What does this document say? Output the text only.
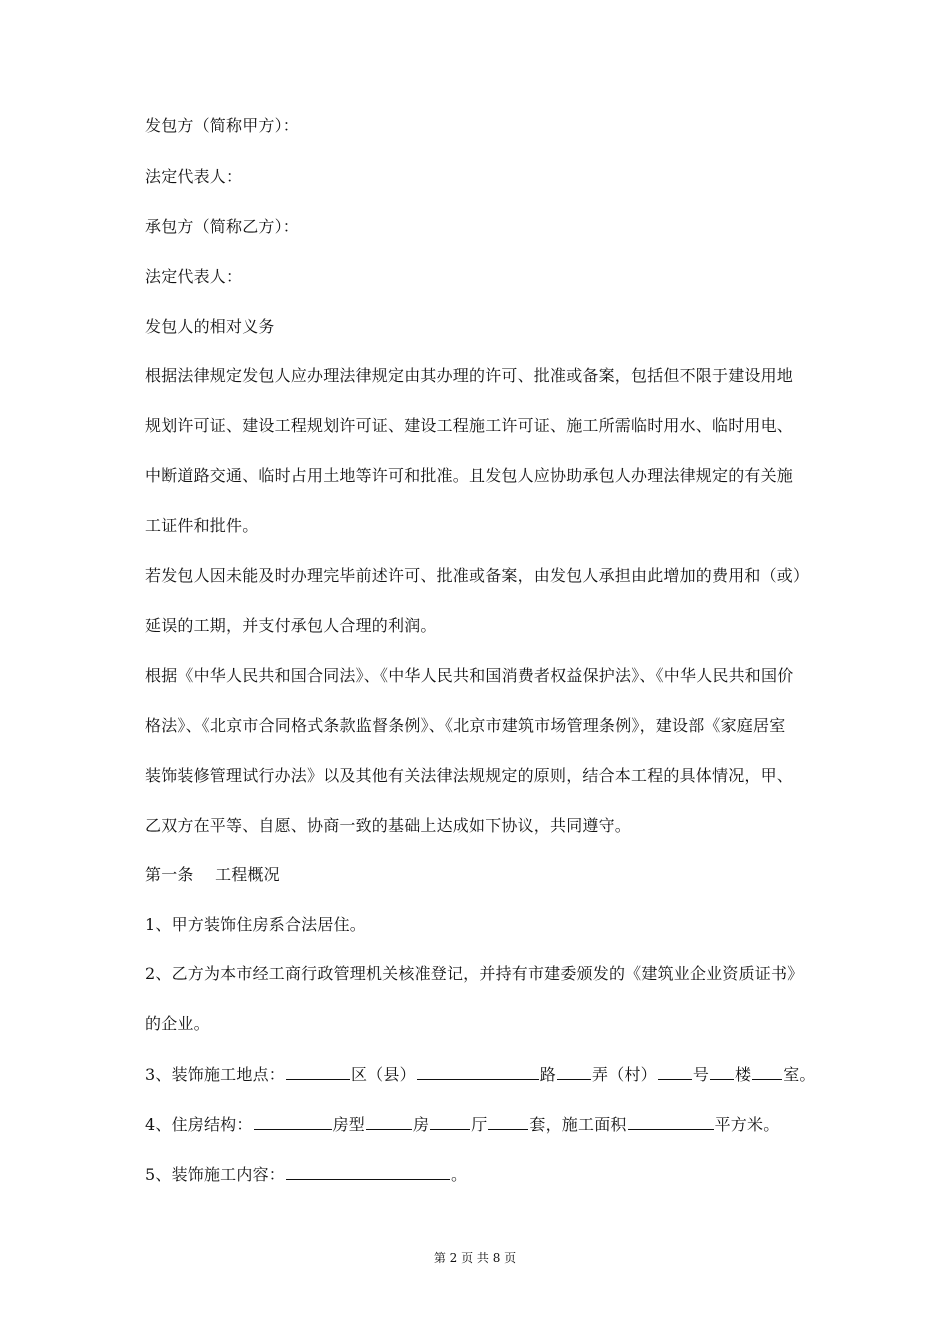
发包方（简称甲方）：
法定代表人：
承包方（简称乙方）：
法定代表人：
发包人的相对义务
根据法律规定发包人应办理法律规定由其办理的许可、批准或备案，包括但不限于建设用地
规划许可证、建设工程规划许可证、建设工程施工许可证、施工所需临时用水、临时用电、
中断道路交通、临时占用土地等许可和批准。且发包人应协助承包人办理法律规定的有关施
工证件和批件。
若发包人因未能及时办理完毕前述许可、批准或备案，由发包人承担由此增加的费用和（或）
延误的工期，并支付承包人合理的利润。
根据《中华人民共和国合同法》、《中华人民共和国消费者权益保护法》、《中华人民共和国价
格法》、《北京市合同格式条款监督条例》、《北京市建筑市场管理条例》，建设部《家庭居室
装饰装修管理试行办法》以及其他有关法律法规规定的原则，结合本工程的具体情况，甲、
乙双方在平等、自愿、协商一致的基础上达成如下协议，共同遵守。
第一条　 工程概况
1、甲方装饰住房系合法居住。
2、乙方为本市经工商行政管理机关核准登记，并持有市建委颁发的《建筑业企业资质证书》
的企业。
3、装饰施工地点：	区（县）	路 弄（村） 号 楼 室。
4、住房结构：	房型	房	厅	套，施工面积	平方米。
5、装饰施工内容：	。
第 2 页 共 8 页
